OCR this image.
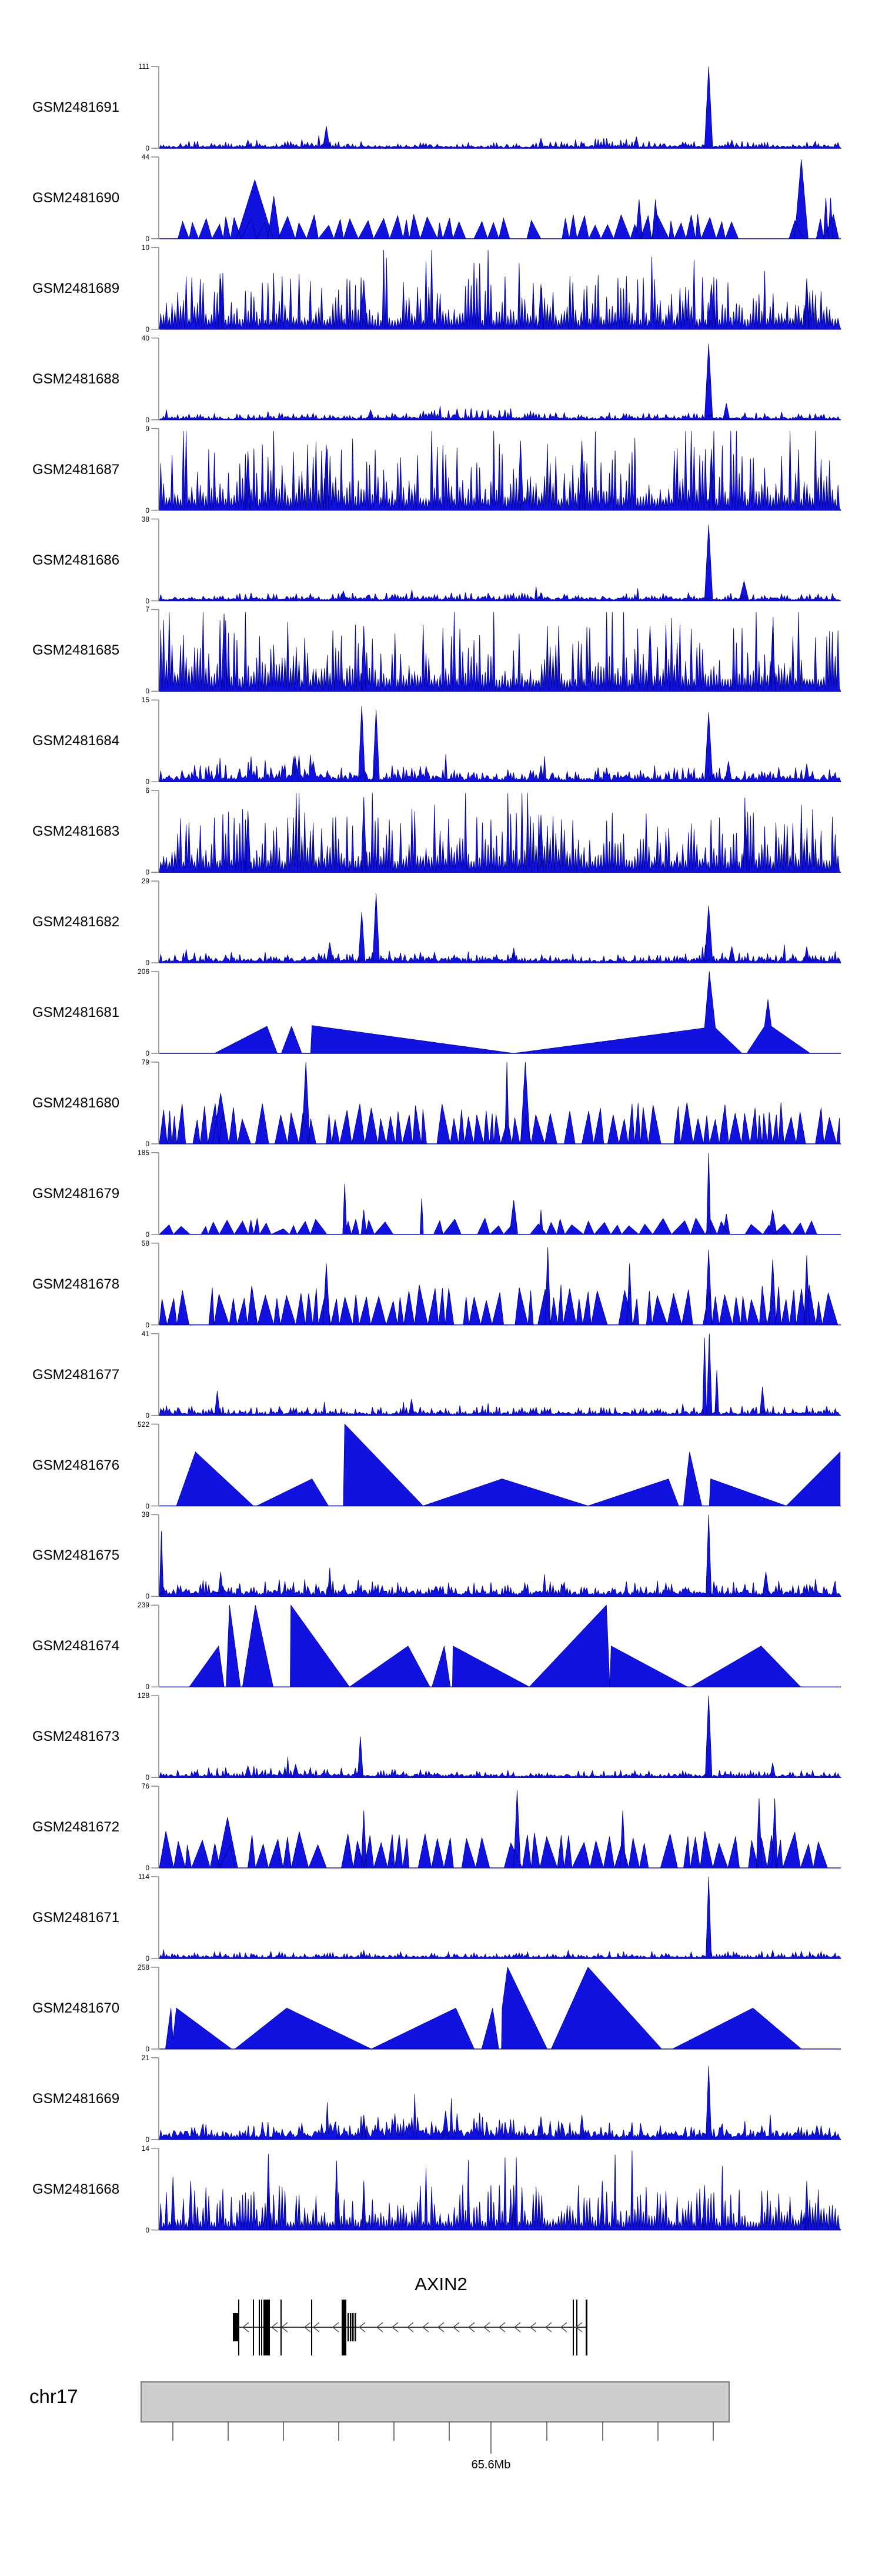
AXIN2
chr17
65.6Mb
GSM2481691
111
0
GSM2481690
44
0
GSM2481689
10
0
GSM2481688
40
0
GSM2481687
9
0
GSM2481686
38
0
GSM2481685
7
0
GSM2481684
15
0
GSM2481683
6
0
GSM2481682
29
0
GSM2481681
206
0
GSM2481680
79
0
GSM2481679
185
0
GSM2481678
58
0
GSM2481677
41
0
GSM2481676
522
0
GSM2481675
38
0
GSM2481674
239
0
GSM2481673
128
0
GSM2481672
76
0
GSM2481671
114
0
GSM2481670
258
0
GSM2481669
21
0
GSM2481668
14
0
